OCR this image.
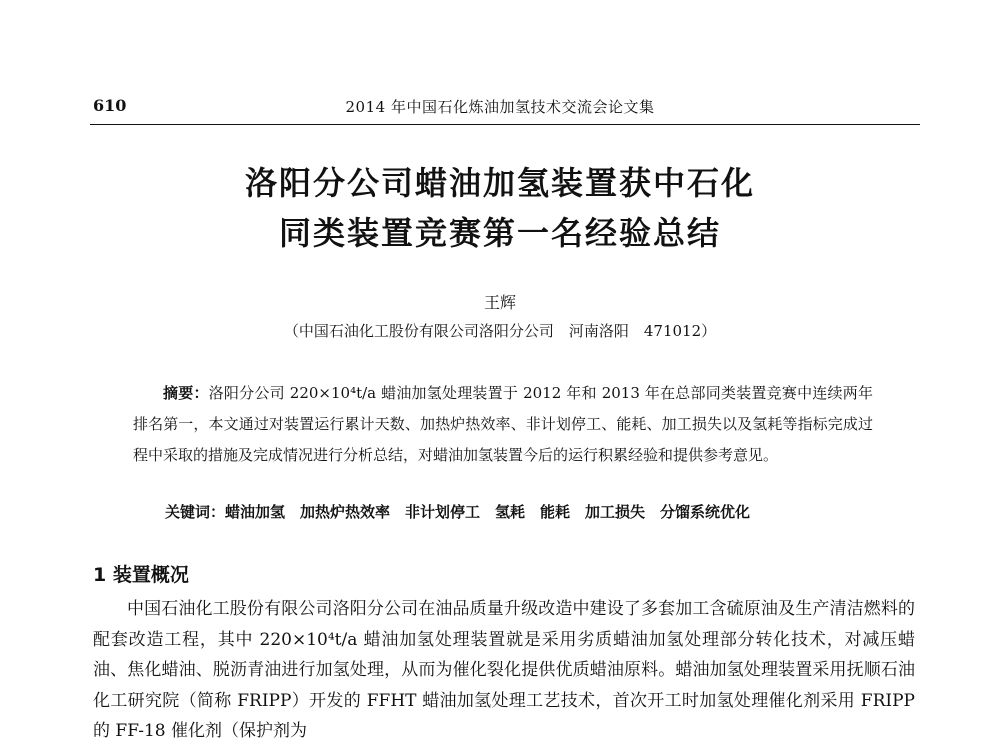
610	2014 年中国石化炼油加氢技术交流会论文集
洛阳分公司蜡油加氢装置获中石化
同类装置竞赛第一名经验总结
王辉
（中国石油化工股份有限公司洛阳分公司　河南洛阳　471012）

摘要：洛阳分公司 220×10⁴t/a 蜡油加氢处理装置于 2012 年和 2013 年在总部同类装置竞赛中连续两年排名第一，本文通过对装置运行累计天数、加热炉热效率、非计划停工、能耗、加工损失以及氢耗等指标完成过程中采取的措施及完成情况进行分析总结，对蜡油加氢装置今后的运行积累经验和提供参考意见。

关键词：蜡油加氢　加热炉热效率　非计划停工　氢耗　能耗　加工损失　分馏系统优化

1 装置概况

中国石油化工股份有限公司洛阳分公司在油品质量升级改造中建设了多套加工含硫原油及生产清洁燃料的配套改造工程，其中 220×10⁴t/a 蜡油加氢处理装置就是采用劣质蜡油加氢处理部分转化技术，对减压蜡油、焦化蜡油、脱沥青油进行加氢处理，从而为催化裂化提供优质蜡油原料。蜡油加氢处理装置采用抚顺石油化工研究院（简称 FRIPP）开发的 FFHT 蜡油加氢处理工艺技术，首次开工时加氢处理催化剂采用 FRIPP 的 FF-18 催化剂（保护剂为
